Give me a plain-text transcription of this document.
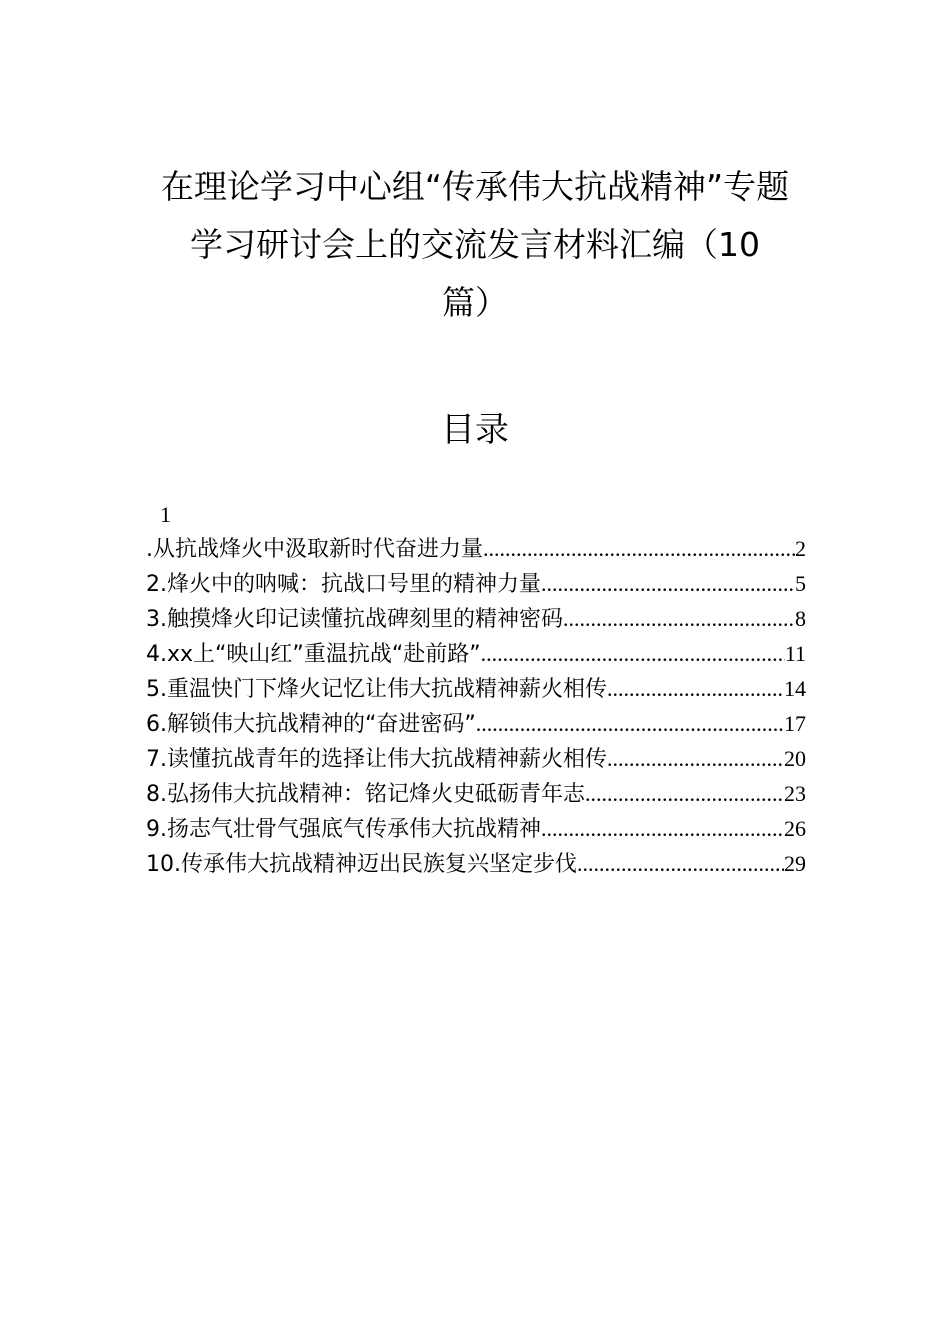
在理论学习中心组“传承伟大抗战精神”专题
学习研讨会上的交流发言材料汇编（10
篇）
目录
1
.从抗战烽火中汲取新时代奋进力量 .....	2
2.烽火中的呐喊：抗战口号里的精神力量 .....	5
3.触摸烽火印记读懂抗战碑刻里的精神密码 .....	8
4.xx上“映山红”重温抗战“赴前路” .....	11
5.重温快门下烽火记忆让伟大抗战精神薪火相传 .....	14
6.解锁伟大抗战精神的“奋进密码” .....	17
7.读懂抗战青年的选择让伟大抗战精神薪火相传 .....	20
8.弘扬伟大抗战精神：铭记烽火史砥砺青年志 .....	23
9.扬志气壮骨气强底气传承伟大抗战精神 .....	26
10.传承伟大抗战精神迈出民族复兴坚定步伐 .....	29
